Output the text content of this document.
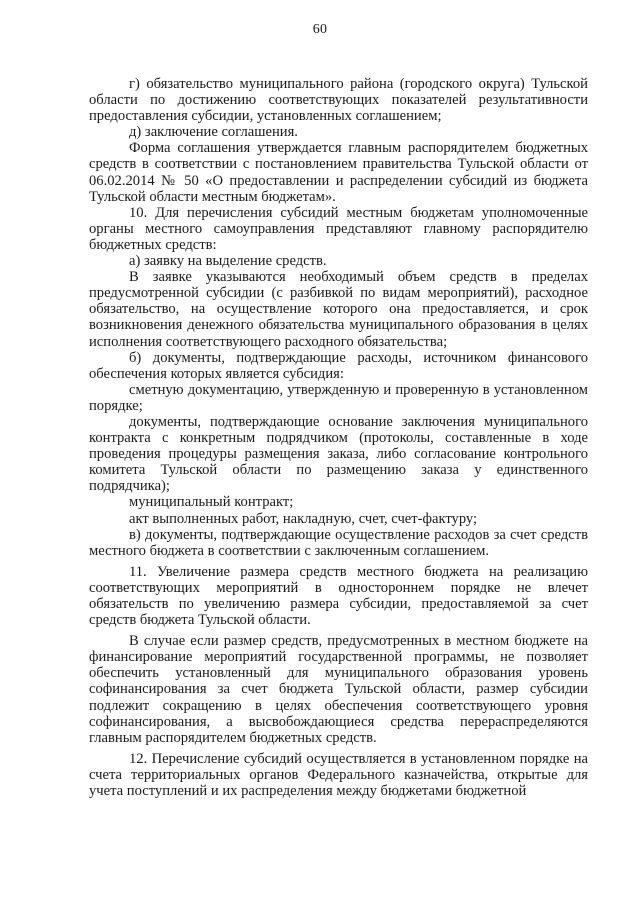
60

г) обязательство муниципального района (городского округа) Тульской области по достижению соответствующих показателей результативности предоставления субсидии, установленных соглашением;

д) заключение соглашения.

Форма соглашения утверждается главным распорядителем бюджетных средств в соответствии с постановлением правительства Тульской области от 06.02.2014 № 50 «О предоставлении и распределении субсидий из бюджета Тульской области местным бюджетам».

10. Для перечисления субсидий местным бюджетам уполномоченные органы местного самоуправления представляют главному распорядителю бюджетных средств:

а) заявку на выделение средств.

В заявке указываются необходимый объем средств в пределах предусмотренной субсидии (с разбивкой по видам мероприятий), расходное обязательство, на осуществление которого она предоставляется, и срок возникновения денежного обязательства муниципального образования в целях исполнения соответствующего расходного обязательства;

б) документы, подтверждающие расходы, источником финансового обеспечения которых является субсидия:

сметную документацию, утвержденную и проверенную в установленном порядке;

документы, подтверждающие основание заключения муниципального контракта с конкретным подрядчиком (протоколы, составленные в ходе проведения процедуры размещения заказа, либо согласование контрольного комитета Тульской области по размещению заказа у единственного подрядчика);

муниципальный контракт;

акт выполненных работ, накладную, счет, счет-фактуру;

в) документы, подтверждающие осуществление расходов за счет средств местного бюджета в соответствии с заключенным соглашением.

11. Увеличение размера средств местного бюджета на реализацию соответствующих мероприятий в одностороннем порядке не влечет обязательств по увеличению размера субсидии, предоставляемой за счет средств бюджета Тульской области.

В случае если размер средств, предусмотренных в местном бюджете на финансирование мероприятий государственной программы, не позволяет обеспечить установленный для муниципального образования уровень софинансирования за счет бюджета Тульской области, размер субсидии подлежит сокращению в целях обеспечения соответствующего уровня софинансирования, а высвобождающиеся средства перераспределяются главным распорядителем бюджетных средств.

12. Перечисление субсидий осуществляется в установленном порядке на счета территориальных органов Федерального казначейства, открытые для учета поступлений и их распределения между бюджетами бюджетной
